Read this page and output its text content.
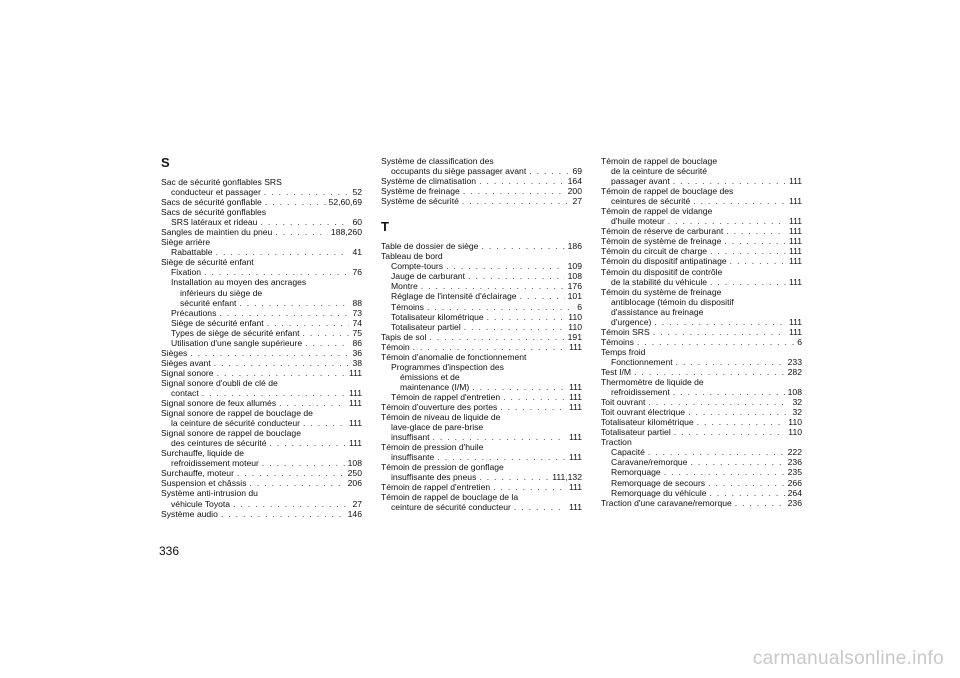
S
Sac de sécurité gonflables SRS
conducteur et passager . . .	52
Sacs de sécurité gonflable . . .	52,60,69
Sacs de sécurité gonflables
SRS latéraux et rideau . . .	60
Sangles de maintien du pneu . . .	188,260
Siège arrière
Rabattable . . .	41
Siège de sécurité enfant
Fixation . . .	76
Installation au moyen des ancrages
inférieurs du siège de
sécurité enfant . . .	88
Précautions . . .	73
Siège de sécurité enfant . . .	74
Types de siège de sécurité enfant . . .	75
Utilisation d'une sangle supérieure . . .	86
Sièges . . .	36
Sièges avant . . .	38
Signal sonore . . .	111
Signal sonore d'oubli de clé de
contact . . .	111
Signal sonore de feux allumés . . .	111
Signal sonore de rappel de bouclage de
la ceinture de sécurité conducteur . . .	111
Signal sonore de rappel de bouclage
des ceintures de sécurité . . .	111
Surchauffe, liquide de
refroidissement moteur . . .	108
Surchauffe, moteur . . .	250
Suspension et châssis . . .	206
Système anti-intrusion du
véhicule Toyota . . .	27
Système audio . . .	146
Système de classification des
occupants du siège passager avant . . .	69
Système de climatisation . . .	164
Système de freinage . . .	200
Système de sécurité . . .	27
T
Table de dossier de siège . . .	186
Tableau de bord
Compte-tours . . .	109
Jauge de carburant . . .	108
Montre . . .	176
Réglage de l'intensité d'éclairage . . .	101
Témoins . . .	6
Totalisateur kilométrique . . .	110
Totalisateur partiel . . .	110
Tapis de sol . . .	191
Témoin . . .	111
Témoin d'anomalie de fonctionnement
Programmes d'inspection des
émissions et de
maintenance (I/M) . . .	111
Témoin de rappel d'entretien . . .	111
Témoin d'ouverture des portes . . .	111
Témoin de niveau de liquide de
lave-glace de pare-brise
insuffisant . . .	111
Témoin de pression d'huile
insuffisante . . .	111
Témoin de pression de gonflage
insuffisante des pneus . . .	111,132
Témoin de rappel d'entretien . . .	111
Témoin de rappel de bouclage de la
ceinture de sécurité conducteur . . .	111
Témoin de rappel de bouclage
de la ceinture de sécurité
passager avant . . .	111
Témoin de rappel de bouclage des
ceintures de sécurité . . .	111
Témoin de rappel de vidange
d'huile moteur . . .	111
Témoin de réserve de carburant . . .	111
Témoin de système de freinage . . .	111
Témoin du circuit de charge . . .	111
Témoin du dispositif antipatinage . . .	111
Témoin du dispositif de contrôle
de la stabilité du véhicule . . .	111
Témoin du système de freinage
antiblocage (témoin du dispositif
d'assistance au freinage
d'urgence) . . .	111
Témoin SRS . . .	111
Témoins . . .	6
Temps froid
Fonctionnement . . .	233
Test I/M . . .	282
Thermomètre de liquide de
refroidissement . . .	108
Toit ouvrant . . .	32
Toit ouvrant électrique . . .	32
Totalisateur kilométrique . . .	110
Totalisateur partiel . . .	110
Traction
Capacité . . .	222
Caravane/remorque . . .	236
Remorquage . . .	235
Remorquage de secours . . .	266
Remorquage du véhicule . . .	264
Traction d'une caravane/remorque . . .	236
336
carmanualsonline.info
